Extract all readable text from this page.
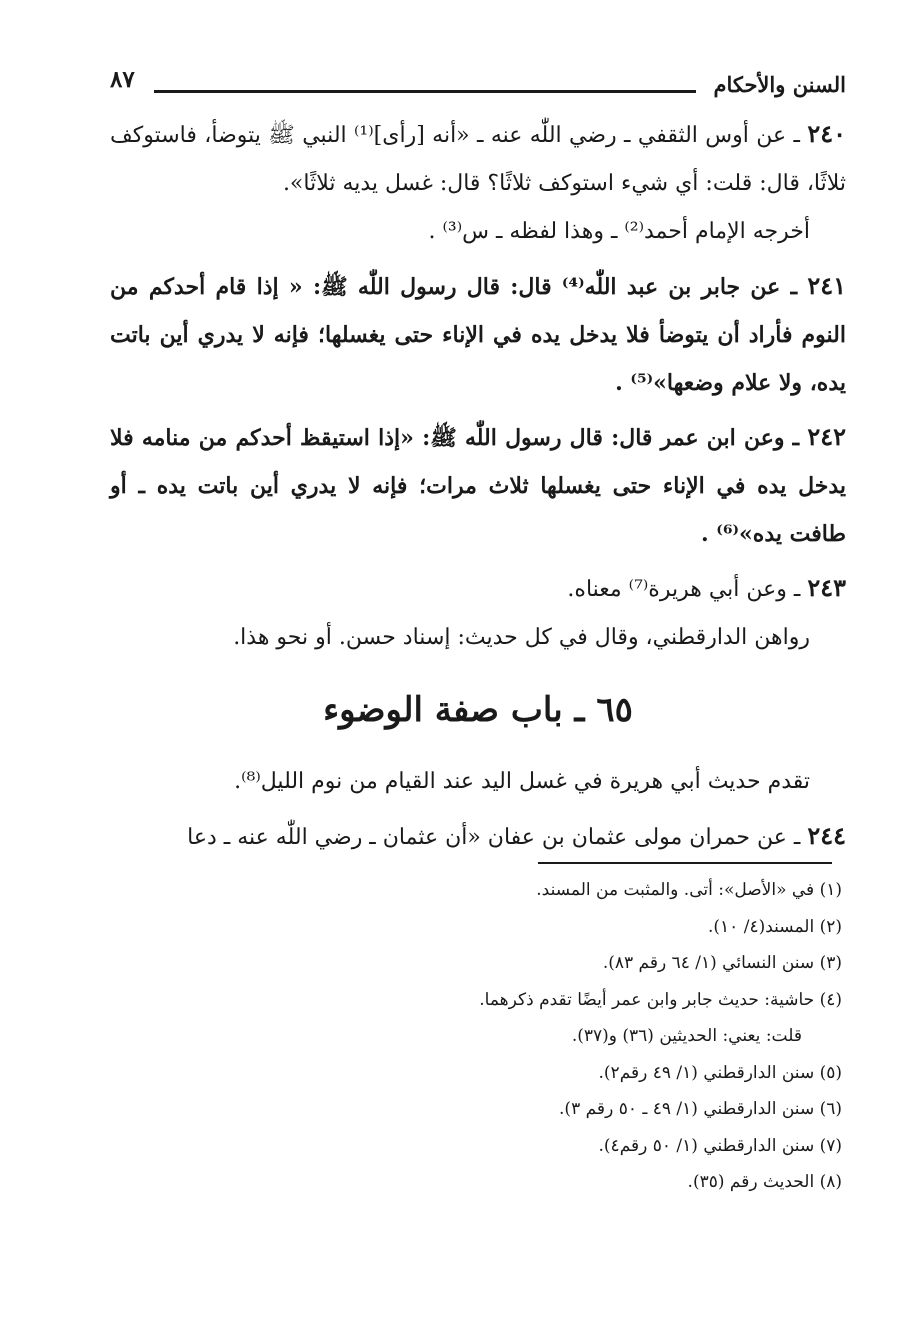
السنن والأحكام
٨٧

٢٤٠ ـ عن أوس الثقفي ـ رضي اللّٰه عنه ـ «أنه [رأى]⁽¹⁾ النبي ﷺ يتوضأ، فاستوكف ثلاثًا، قال: قلت: أي شيء استوكف ثلاثًا؟ قال: غسل يديه ثلاثًا».

أخرجه الإمام أحمد⁽²⁾ ـ وهذا لفظه ـ س⁽³⁾ .

٢٤١ ـ عن جابر بن عبد اللّٰه⁽⁴⁾ قال: قال رسول اللّٰه ﷺ: « إذا قام أحدكم من النوم فأراد أن يتوضأ فلا يدخل يده في الإناء حتى يغسلها؛ فإنه لا يدري أين باتت يده، ولا علام وضعها»⁽⁵⁾ .

٢٤٢ ـ وعن ابن عمر قال: قال رسول اللّٰه ﷺ: «إذا استيقظ أحدكم من منامه فلا يدخل يده في الإناء حتى يغسلها ثلاث مرات؛ فإنه لا يدري أين باتت يده ـ أو طافت يده»⁽⁶⁾ .

٢٤٣ ـ وعن أبي هريرة⁽⁷⁾ معناه.

رواهن الدارقطني، وقال في كل حديث: إسناد حسن. أو نحو هذا.

٦٥ ـ باب صفة الوضوء

تقدم حديث أبي هريرة في غسل اليد عند القيام من نوم الليل⁽⁸⁾.

٢٤٤ ـ عن حمران مولى عثمان بن عفان «أن عثمان ـ رضي اللّٰه عنه ـ دعا

(١) في «الأصل»: أتى. والمثبت من المسند.

(٢) المسند(٤/ ١٠).

(٣) سنن النسائي (١/ ٦٤ رقم ٨٣).

(٤) حاشية: حديث جابر وابن عمر أيضًا تقدم ذكرهما.

قلت: يعني: الحديثين (٣٦) و(٣٧).

(٥) سنن الدارقطني (١/ ٤٩ رقم٢).

(٦) سنن الدارقطني (١/ ٤٩ ـ ٥٠ رقم ٣).

(٧) سنن الدارقطني (١/ ٥٠ رقم٤).

(٨) الحديث رقم (٣٥).
